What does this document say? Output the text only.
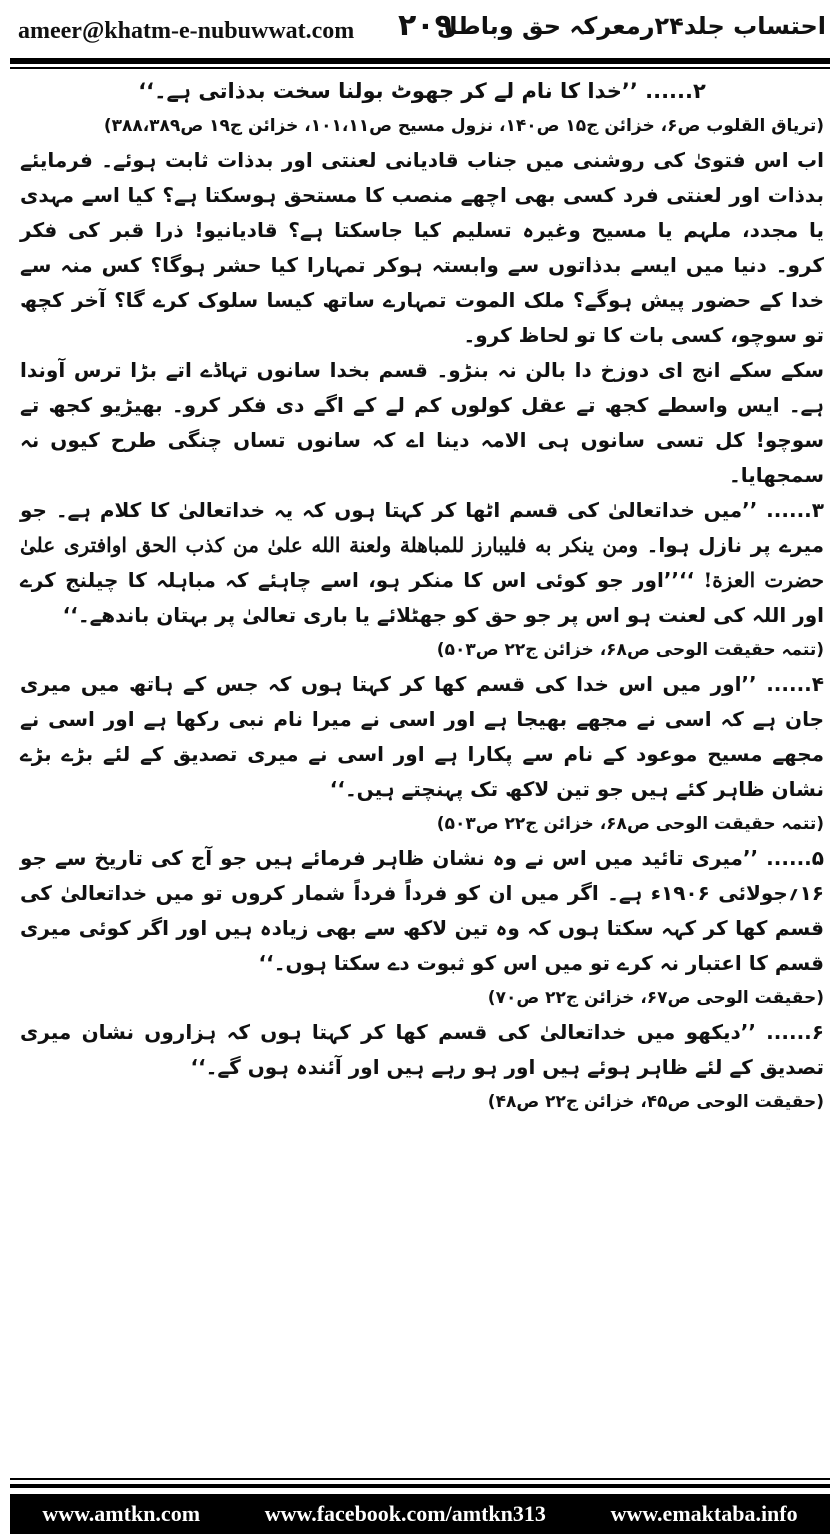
ameer@khatm-e-nubuwwat.com ۲۰۹
احتساب جلد۲۴رمعرکہ حق وباطل

۲...... ’’خدا کا نام لے کر جھوٹ بولنا سخت بدذاتی ہے۔‘‘

(تریاق القلوب ص۶، خزائن ج۱۵ ص۱۴۰، نزول مسیح ص۱۰۱،۱۱، خزائن ج۱۹ ص۳۸۸،۳۸۹)

اب اس فتویٰ کی روشنی میں جناب قادیانی لعنتی اور بدذات ثابت ہوئے۔ فرمایئے بدذات اور لعنتی فرد کسی بھی اچھے منصب کا مستحق ہوسکتا ہے؟ کیا اسے مہدی یا مجدد، ملہم یا مسیح وغیرہ تسلیم کیا جاسکتا ہے؟ قادیانیو! ذرا قبر کی فکر کرو۔ دنیا میں ایسے بدذاتوں سے وابستہ ہوکر تمہارا کیا حشر ہوگا؟ کس منہ سے خدا کے حضور پیش ہوگے؟ ملک الموت تمہارے ساتھ کیسا سلوک کرے گا؟ آخر کچھ تو سوچو، کسی بات کا تو لحاظ کرو۔

سکے سکے انج ای دوزخ دا بالن نہ بنڑو۔ قسم بخدا سانوں تہاڈے اتے بڑا ترس آوندا ہے۔ ایس واسطے کجھ تے عقل کولوں کم لے کے اگے دی فکر کرو۔ بھیڑیو کجھ تے سوچو! کل تسی سانوں ہی الامہ دینا اے کہ سانوں تساں چنگی طرح کیوں نہ سمجھایا۔

۳...... ’’میں خداتعالیٰ کی قسم اٹھا کر کہتا ہوں کہ یہ خداتعالیٰ کا کلام ہے۔ جو میرے پر نازل ہوا۔ ومن ینکر به فلیبارز للمباهلة ولعنة الله علیٰ من کذب الحق اوافتری علیٰ حضرت العزة! ‘‘’’اور جو کوئی اس کا منکر ہو، اسے چاہئے کہ مباہلہ کا چیلنج کرے اور اللہ کی لعنت ہو اس پر جو حق کو جھٹلائے یا باری تعالیٰ پر بہتان باندھے۔‘‘

(تتمہ حقیقت الوحی ص۶۸، خزائن ج۲۲ ص۵۰۳)

۴...... ’’اور میں اس خدا کی قسم کھا کر کہتا ہوں کہ جس کے ہاتھ میں میری جان ہے کہ اسی نے مجھے بھیجا ہے اور اسی نے میرا نام نبی رکھا ہے اور اسی نے مجھے مسیح موعود کے نام سے پکارا ہے اور اسی نے میری تصدیق کے لئے بڑے بڑے نشان ظاہر کئے ہیں جو تین لاکھ تک پہنچتے ہیں۔‘‘

(تتمہ حقیقت الوحی ص۶۸، خزائن ج۲۲ ص۵۰۳)

۵...... ’’میری تائید میں اس نے وہ نشان ظاہر فرمائے ہیں جو آج کی تاریخ سے جو ۱۶؍جولائی ۱۹۰۶ء ہے۔ اگر میں ان کو فرداً فرداً شمار کروں تو میں خداتعالیٰ کی قسم کھا کر کہہ سکتا ہوں کہ وہ تین لاکھ سے بھی زیادہ ہیں اور اگر کوئی میری قسم کا اعتبار نہ کرے تو میں اس کو ثبوت دے سکتا ہوں۔‘‘

(حقیقت الوحی ص۶۷، خزائن ج۲۲ ص۷۰)

۶...... ’’دیکھو میں خداتعالیٰ کی قسم کھا کر کہتا ہوں کہ ہزاروں نشان میری تصدیق کے لئے ظاہر ہوئے ہیں اور ہو رہے ہیں اور آئندہ ہوں گے۔‘‘

(حقیقت الوحی ص۴۵، خزائن ج۲۲ ص۴۸)

www.amtkn.com	www.facebook.com/amtkn313	www.emaktaba.info
